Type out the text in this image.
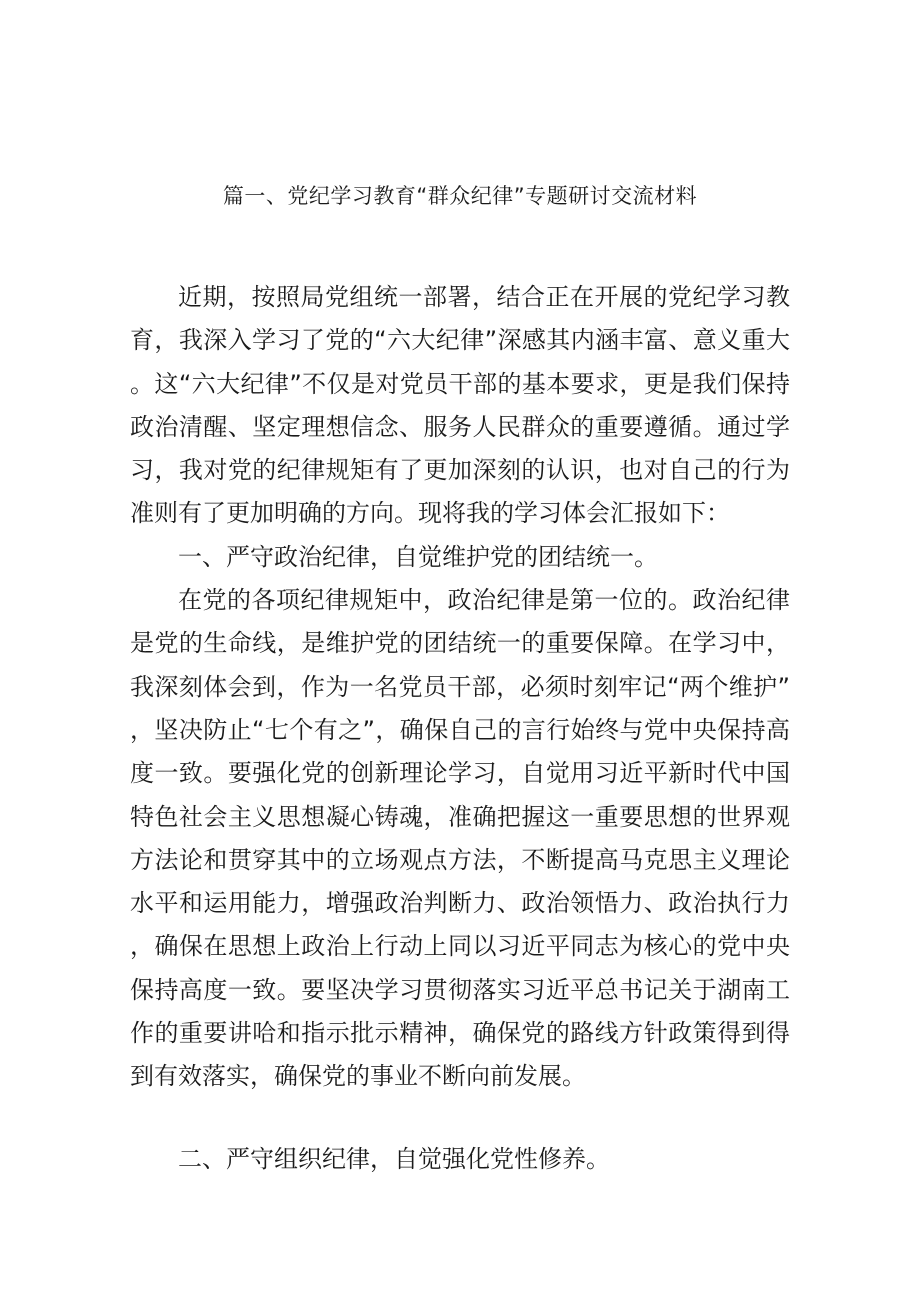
篇一、党纪学习教育“群众纪律”专题研讨交流材料

近期，按照局党组统一部署，结合正在开展的党纪学习教育，我深入学习了党的“六大纪律”深感其内涵丰富、意义重大。这“六大纪律”不仅是对党员干部的基本要求，更是我们保持政治清醒、坚定理想信念、服务人民群众的重要遵循。通过学习，我对党的纪律规矩有了更加深刻的认识，也对自己的行为准则有了更加明确的方向。现将我的学习体会汇报如下：

一、严守政治纪律，自觉维护党的团结统一。

在党的各项纪律规矩中，政治纪律是第一位的。政治纪律是党的生命线，是维护党的团结统一的重要保障。在学习中，我深刻体会到，作为一名党员干部，必须时刻牢记“两个维护”，坚决防止“七个有之”，确保自己的言行始终与党中央保持高度一致。要强化党的创新理论学习，自觉用习近平新时代中国特色社会主义思想凝心铸魂，准确把握这一重要思想的世界观方法论和贯穿其中的立场观点方法，不断提高马克思主义理论水平和运用能力，增强政治判断力、政治领悟力、政治执行力，确保在思想上政治上行动上同以习近平同志为核心的党中央保持高度一致。要坚决学习贯彻落实习近平总书记关于湖南工作的重要讲哈和指示批示精神，确保党的路线方针政策得到得到有效落实，确保党的事业不断向前发展。

二、严守组织纪律，自觉强化党性修养。
